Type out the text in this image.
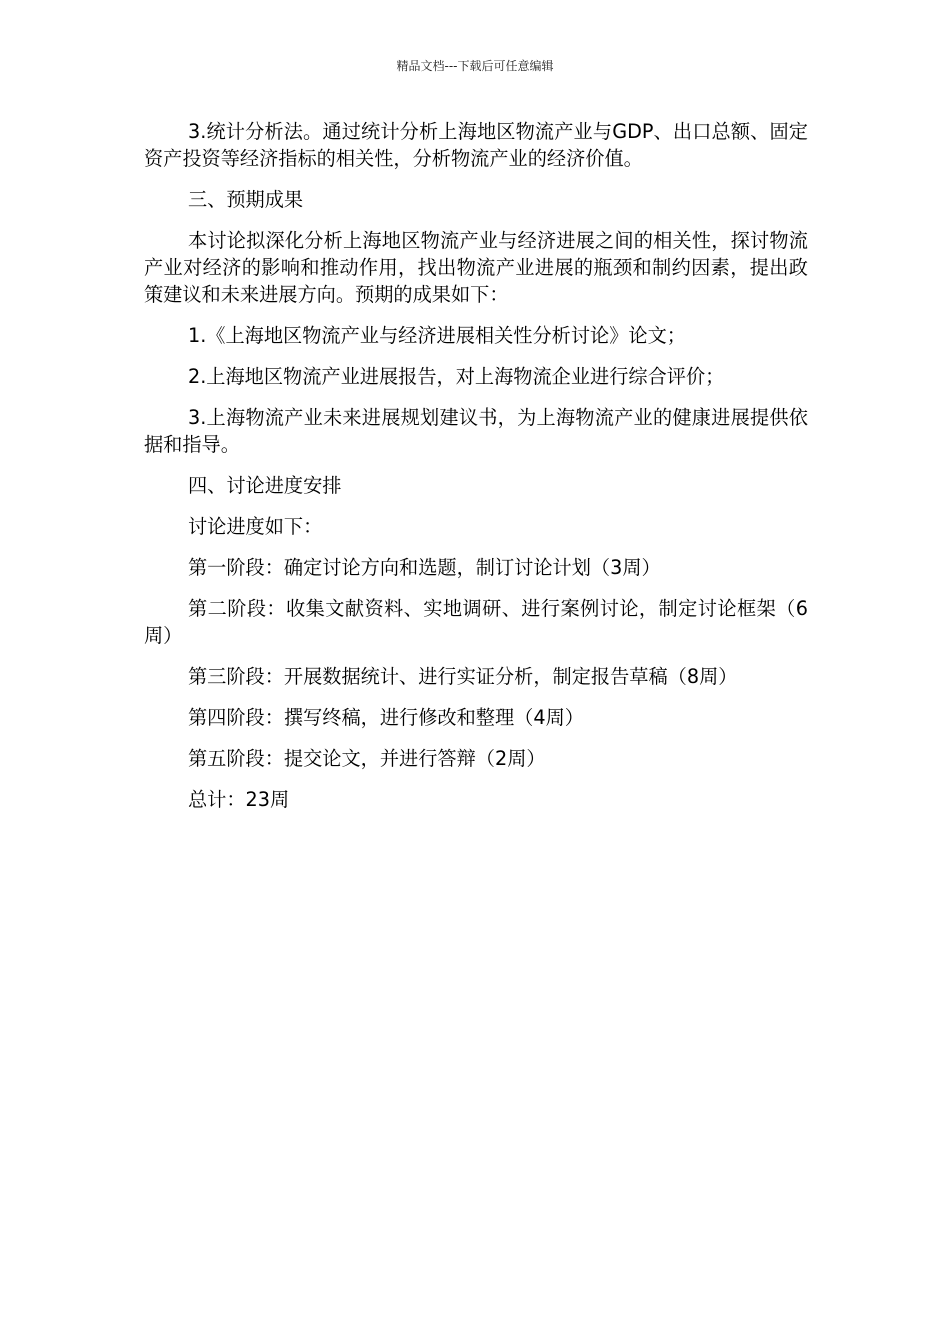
精品文档---下载后可任意编辑

3.统计分析法。通过统计分析上海地区物流产业与GDP、出口总额、固定资产投资等经济指标的相关性，分析物流产业的经济价值。

三、预期成果

本讨论拟深化分析上海地区物流产业与经济进展之间的相关性，探讨物流产业对经济的影响和推动作用，找出物流产业进展的瓶颈和制约因素，提出政策建议和未来进展方向。预期的成果如下：

1.《上海地区物流产业与经济进展相关性分析讨论》论文；

2.上海地区物流产业进展报告，对上海物流企业进行综合评价；

3.上海物流产业未来进展规划建议书，为上海物流产业的健康进展提供依据和指导。

四、讨论进度安排

讨论进度如下：

第一阶段：确定讨论方向和选题，制订讨论计划（3周）

第二阶段：收集文献资料、实地调研、进行案例讨论，制定讨论框架（6周）

第三阶段：开展数据统计、进行实证分析，制定报告草稿（8周）

第四阶段：撰写终稿，进行修改和整理（4周）

第五阶段：提交论文，并进行答辩（2周）

总计：23周
